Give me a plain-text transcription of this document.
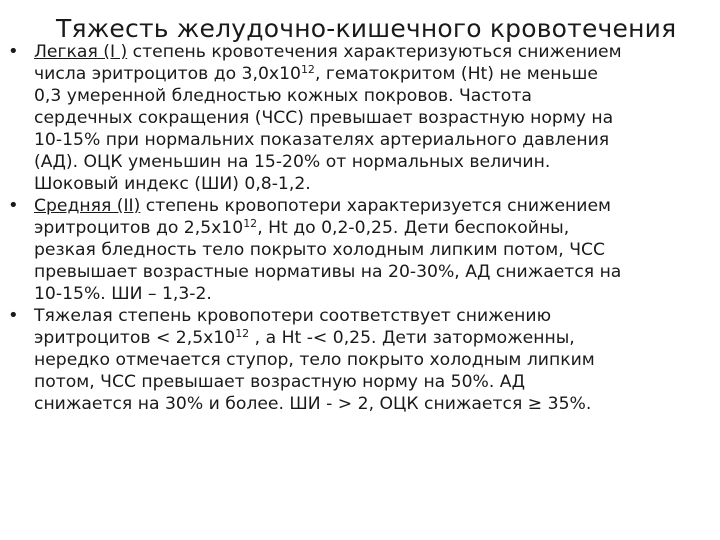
Тяжесть желудочно-кишечного кровотечения
• Легкая (I ) степень кровотечения характеризуються снижением
числа эритроцитов до $3,0х10^{12}$, гематокритом (Ht) не меньше
0,3 умеренной бледностью кожных покровов. Частота
сердечных сокращения (ЧСС) превышает возрастную норму на
10-15% при нормальних показателях артериального давления
(АД). ОЦК уменьшин на 15-20% от нормальных величин.
Шоковый индекс (ШИ) 0,8-1,2.
• Средняя (II) степень кровопотери характеризуется снижением
эритроцитов до $2,5х10^{12}$, Ht до 0,2-0,25. Дети беспокойны,
резкая бледность тело покрыто холодным липким потом, ЧСС
превышает возрастные нормативы на 20-30%, АД снижается на
10-15%. ШИ – 1,3-2.
• Тяжелая степень кровопотери соответствует снижению
эритроцитов < $2,5х10^{12}$ , а Ht -< 0,25. Дети заторможенны,
нередко отмечается ступор, тело покрыто холодным липким
потом, ЧСС превышает возрастную норму на 50%. АД
снижается на 30% и более. ШИ - > 2, ОЦК снижается ≥ 35%.
